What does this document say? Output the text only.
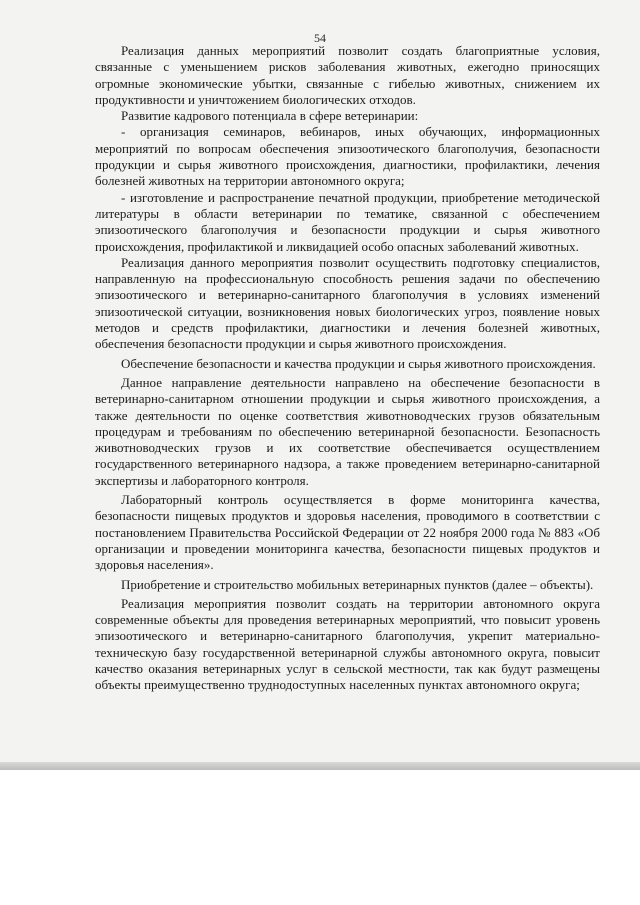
54

Реализация данных мероприятий позволит создать благоприятные условия, связанные с уменьшением рисков заболевания животных, ежегодно приносящих огромные экономические убытки, связанные с гибелью животных, снижением их продуктивности и уничтожением биологических отходов.

Развитие кадрового потенциала в сфере ветеринарии:

- организация семинаров, вебинаров, иных обучающих, информационных мероприятий по вопросам обеспечения эпизоотического благополучия, безопасности продукции и сырья животного происхождения, диагностики, профилактики, лечения болезней животных на территории автономного округа;

- изготовление и распространение печатной продукции, приобретение методической литературы в области ветеринарии по тематике, связанной с обеспечением эпизоотического благополучия и безопасности продукции и сырья животного происхождения, профилактикой и ликвидацией особо опасных заболеваний животных.

Реализация данного мероприятия позволит осуществить подготовку специалистов, направленную на профессиональную способность решения задачи по обеспечению эпизоотического и ветеринарно-санитарного благополучия в условиях изменений эпизоотической ситуации, возникновения новых биологических угроз, появление новых методов и средств профилактики, диагностики и лечения болезней животных, обеспечения безопасности продукции и сырья животного происхождения.

Обеспечение безопасности и качества продукции и сырья животного происхождения.

Данное направление деятельности направлено на обеспечение безопасности в ветеринарно-санитарном отношении продукции и сырья животного происхождения, а также деятельности по оценке соответствия животноводческих грузов обязательным процедурам и требованиям по обеспечению ветеринарной безопасности. Безопасность животноводческих грузов и их соответствие обеспечивается осуществлением государственного ветеринарного надзора, а также проведением ветеринарно-санитарной экспертизы и лабораторного контроля.

Лабораторный контроль осуществляется в форме мониторинга качества, безопасности пищевых продуктов и здоровья населения, проводимого в соответствии с постановлением Правительства Российской Федерации от 22 ноября 2000 года № 883 «Об организации и проведении мониторинга качества, безопасности пищевых продуктов и здоровья населения».

Приобретение и строительство мобильных ветеринарных пунктов (далее – объекты).

Реализация мероприятия позволит создать на территории автономного округа современные объекты для проведения ветеринарных мероприятий, что повысит уровень эпизоотического и ветеринарно-санитарного благополучия, укрепит материально-техническую базу государственной ветеринарной службы автономного округа, повысит качество оказания ветеринарных услуг в сельской местности, так как будут размещены объекты преимущественно труднодоступных населенных пунктах автономного округа;
